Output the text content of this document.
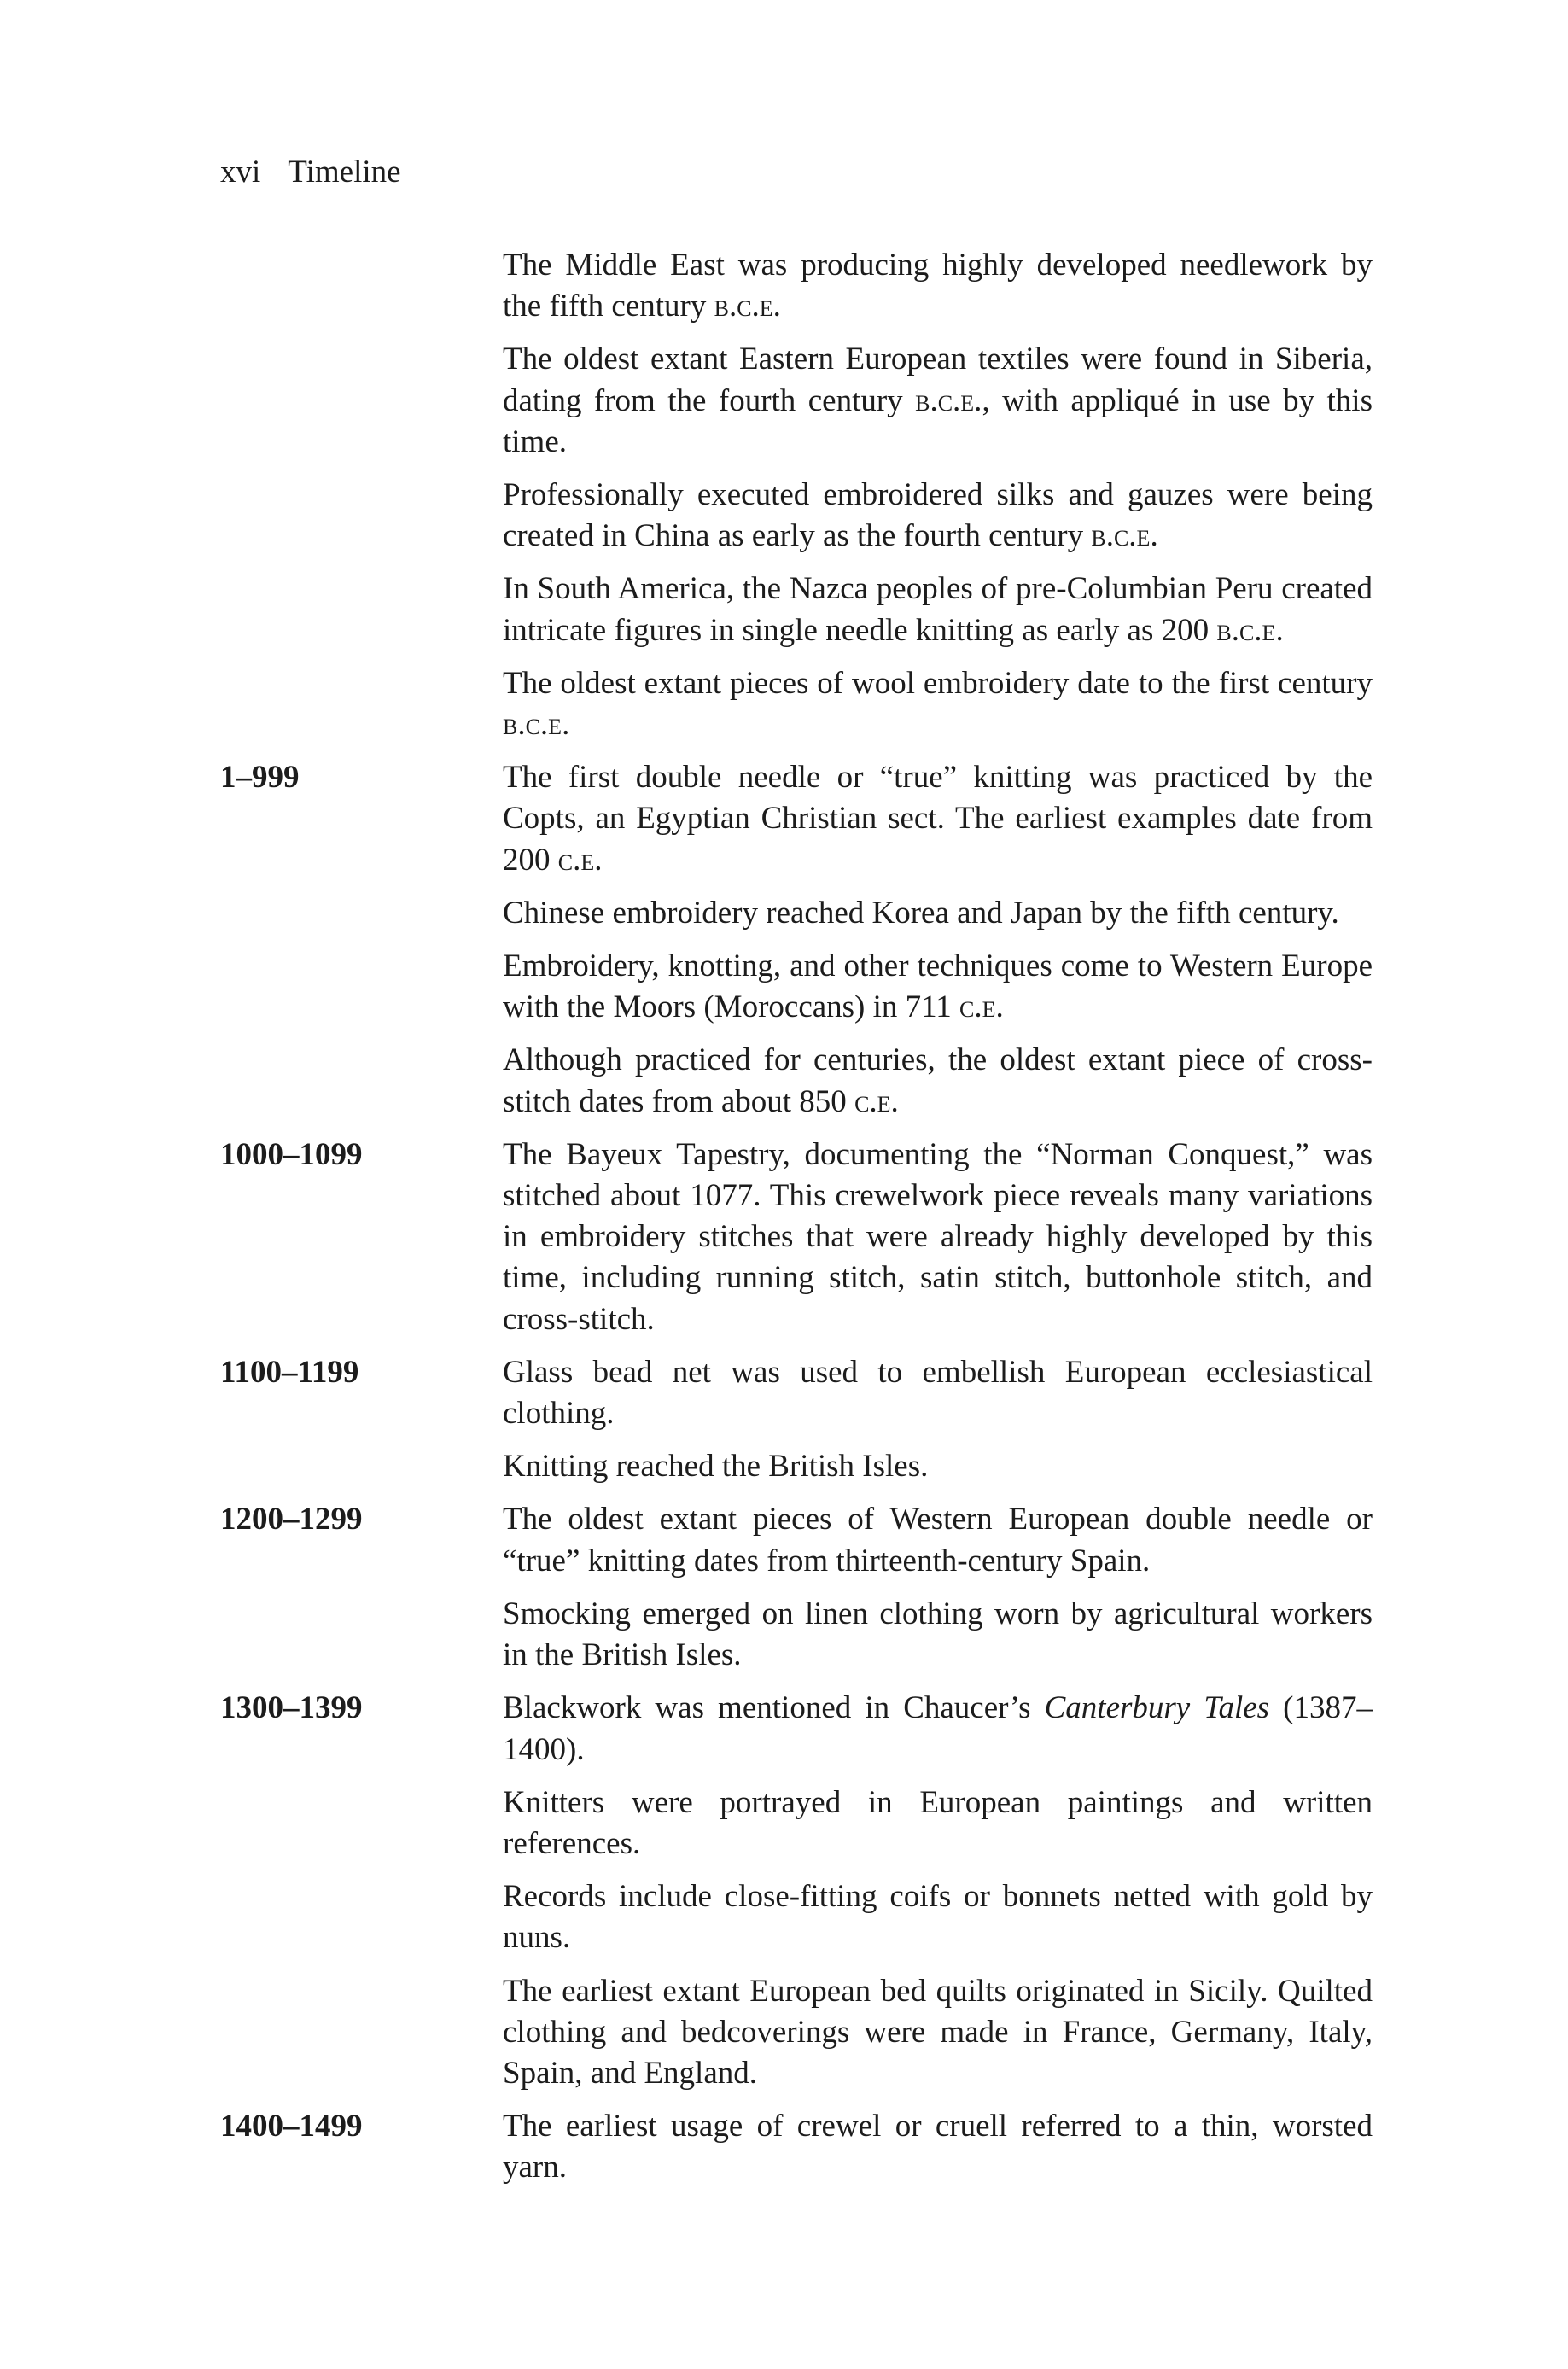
xvi Timeline

The Middle East was producing highly developed needlework by the fifth century b.c.e.

The oldest extant Eastern European textiles were found in Siberia, dating from the fourth century b.c.e., with appliqué in use by this time.

Professionally executed embroidered silks and gauzes were being created in China as early as the fourth century b.c.e.

In South America, the Nazca peoples of pre-Columbian Peru created intricate figures in single needle knitting as early as 200 b.c.e.

The oldest extant pieces of wool embroidery date to the first century b.c.e.

1–999	The first double needle or “true” knitting was practiced by the Copts, an Egyptian Christian sect. The earliest examples date from 200 c.e.

Chinese embroidery reached Korea and Japan by the fifth century.

Embroidery, knotting, and other techniques come to Western Europe with the Moors (Moroccans) in 711 c.e.

Although practiced for centuries, the oldest extant piece of cross-stitch dates from about 850 c.e.

1000–1099	The Bayeux Tapestry, documenting the “Norman Conquest,” was stitched about 1077. This crewelwork piece reveals many variations in embroidery stitches that were already highly developed by this time, including running stitch, satin stitch, buttonhole stitch, and cross-stitch.

1100–1199	Glass bead net was used to embellish European ecclesiastical clothing.

Knitting reached the British Isles.

1200–1299	The oldest extant pieces of Western European double needle or “true” knitting dates from thirteenth-century Spain.

Smocking emerged on linen clothing worn by agricultural workers in the British Isles.

1300–1399	Blackwork was mentioned in Chaucer’s Canterbury Tales (1387–1400).

Knitters were portrayed in European paintings and written references.

Records include close-fitting coifs or bonnets netted with gold by nuns.

The earliest extant European bed quilts originated in Sicily. Quilted clothing and bedcoverings were made in France, Germany, Italy, Spain, and England.

1400–1499	The earliest usage of crewel or cruell referred to a thin, worsted yarn.
